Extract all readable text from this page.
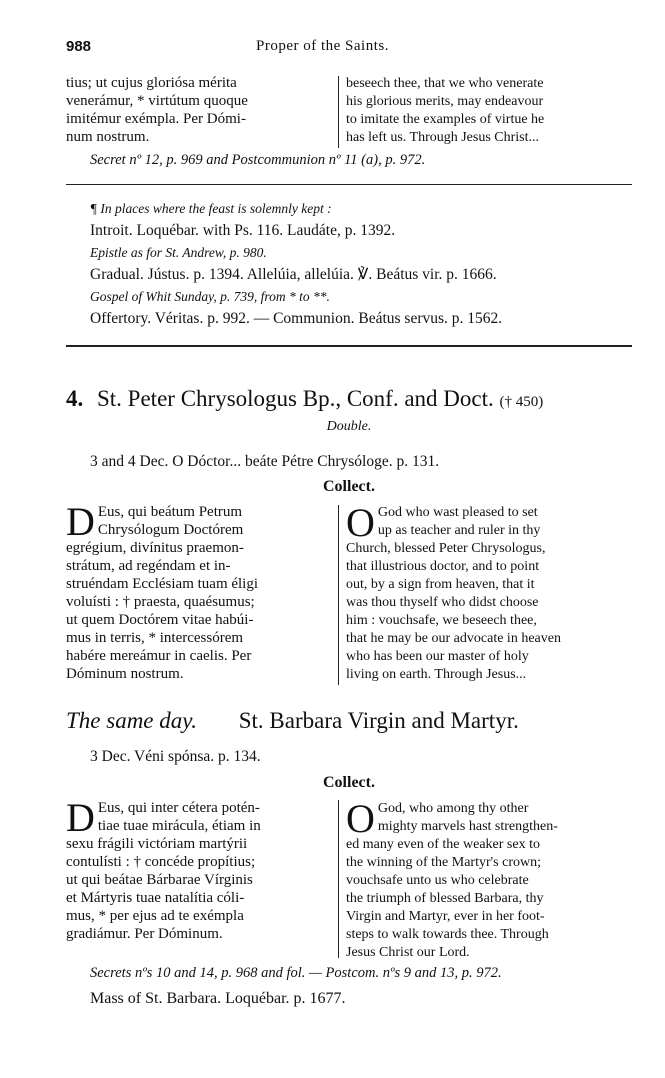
988	Proper of the Saints.

tius; ut cujus gloriósa mérita

venerámur, * virtútum quoque

imitémur exémpla. Per Dómi-

num nostrum.

beseech thee, that we who venerate

his glorious merits, may endeavour

to imitate the examples of virtue he

has left us. Through Jesus Christ...

Secret nº 12, p. 969 and Postcommunion nº 11 (a), p. 972.

¶ In places where the feast is solemnly kept :

Introit. Loquébar. with Ps. 116. Laudáte, p. 1392.

Epistle as for St. Andrew, p. 980.

Gradual. Jústus. p. 1394. Allelúia, allelúia. ℣. Beátus vir. p. 1666.

Gospel of Whit Sunday, p. 739, from * to **.

Offertory. Véritas. p. 992. — Communion. Beátus servus. p. 1562.

4. St. Peter Chrysologus Bp., Conf. and Doct. († 450)
Double.
3 and 4 Dec. O Dóctor... beáte Pétre Chrysólogе. p. 131.
Collect.
D Eus, qui beátum Petrum

Chrysólogum Doctórem

egrégium, divínitus praemon-

strátum, ad regéndam et in-

struéndam Ecclésiam tuam éligi

voluísti : † praesta, quaésumus;

ut quem Doctórem vitae habúi-

mus in terris, * intercessórem

habére mereámur in caelis. Per

Dóminum nostrum.

O God who wast pleased to set

up as teacher and ruler in thy

Church, blessed Peter Chrysologus,

that illustrious doctor, and to point

out, by a sign from heaven, that it

was thou thyself who didst choose

him : vouchsafe, we beseech thee,

that he may be our advocate in heaven

who has been our master of holy

living on earth. Through Jesus...

The same day. St. Barbara Virgin and Martyr.
3 Dec. Véni spónsa. p. 134.
Collect.
D Eus, qui inter cétera potén-

tiae tuae mirácula, étiam in

sexu frágili victóriam martýrii

contulísti : † concéde propítius;

ut qui beátae Bárbarae Vírginis

et Mártyris tuae natalítia cóli-

mus, * per ejus ad te exémpla

gradiámur. Per Dóminum.

O God, who among thy other

mighty marvels hast strengthen-

ed many even of the weaker sex to

the winning of the Martyr's crown;

vouchsafe unto us who celebrate

the triumph of blessed Barbara, thy

Virgin and Martyr, ever in her foot-

steps to walk towards thee. Through

Jesus Christ our Lord.

Secrets nºs 10 and 14, p. 968 and fol. — Postcom. nºs 9 and 13, p. 972.
Mass of St. Barbara. Loquébar. p. 1677.
